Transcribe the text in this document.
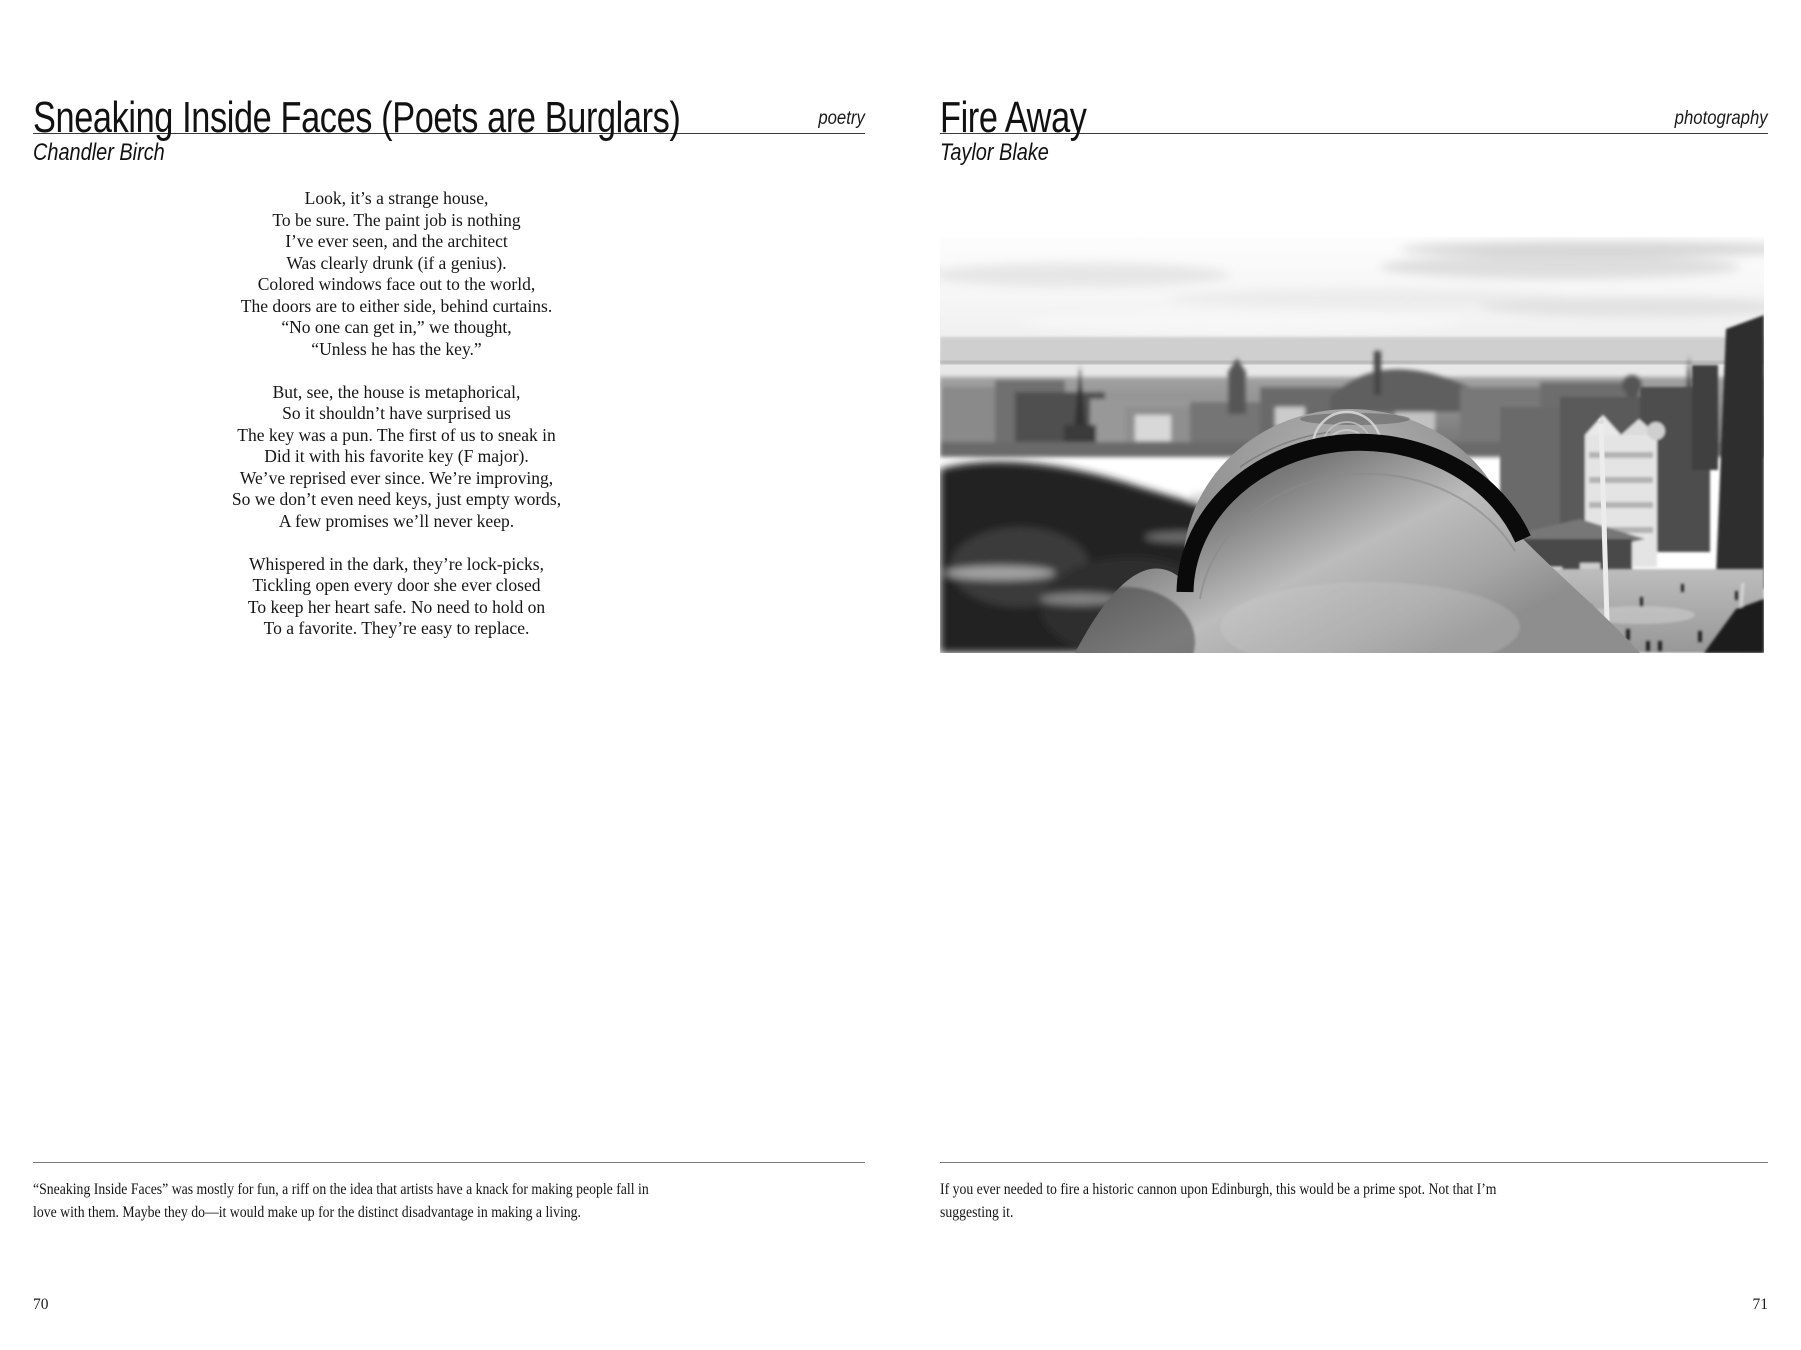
Sneaking Inside Faces (Poets are Burglars)	poetry
Chandler Birch
Look, it’s a strange house,
To be sure. The paint job is nothing
I’ve ever seen, and the architect
Was clearly drunk (if a genius).
Colored windows face out to the world,
The doors are to either side, behind curtains.
“No one can get in,” we thought,
“Unless he has the key.”
But, see, the house is metaphorical,
So it shouldn’t have surprised us
The key was a pun. The first of us to sneak in
Did it with his favorite key (F major).
We’ve reprised ever since. We’re improving,
So we don’t even need keys, just empty words,
A few promises we’ll never keep.
Whispered in the dark, they’re lock-picks,
Tickling open every door she ever closed
To keep her heart safe. No need to hold on
To a favorite. They’re easy to replace.
“Sneaking Inside Faces” was mostly for fun, a riff on the idea that artists have a knack for making people fall in
love with them. Maybe they do—it would make up for the distinct disadvantage in making a living.
70
Fire Away	photography
Taylor Blake
If you ever needed to fire a historic cannon upon Edinburgh, this would be a prime spot. Not that I’m
suggesting it.
71
